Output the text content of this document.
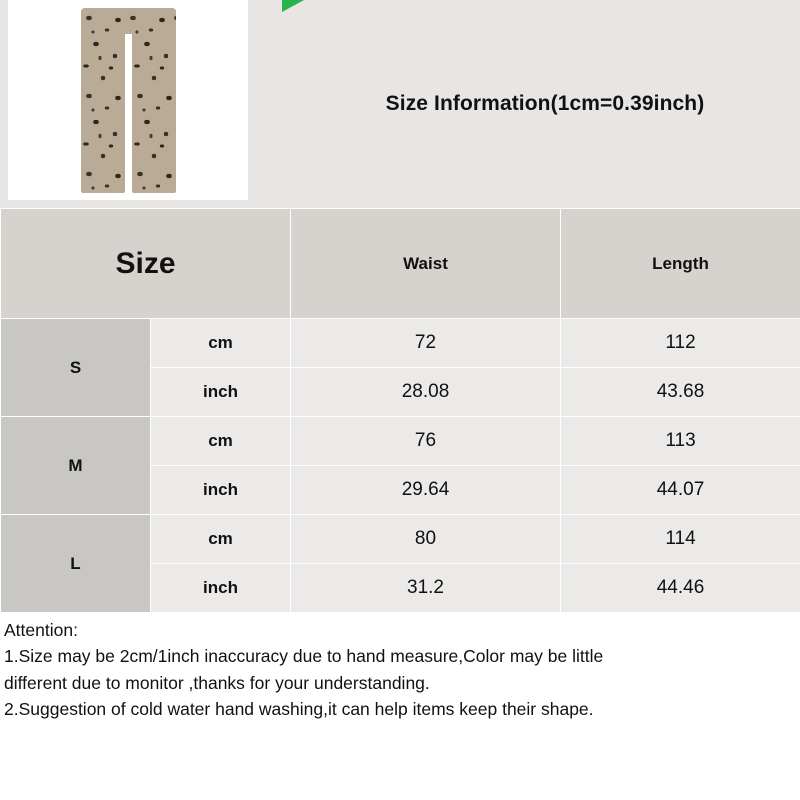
Size Information(1cm=0.39inch)
Size		Waist	Length
S	cm	72	112
	inch	28.08	43.68
M	cm	76	113
	inch	29.64	44.07
L	cm	80	114
	inch	31.2	44.46

Attention:

1.Size may be 2cm/1inch inaccuracy due to hand measure,Color may be little

different due to monitor ,thanks for your understanding.

2.Suggestion of cold water hand washing,it can help items keep their shape.
